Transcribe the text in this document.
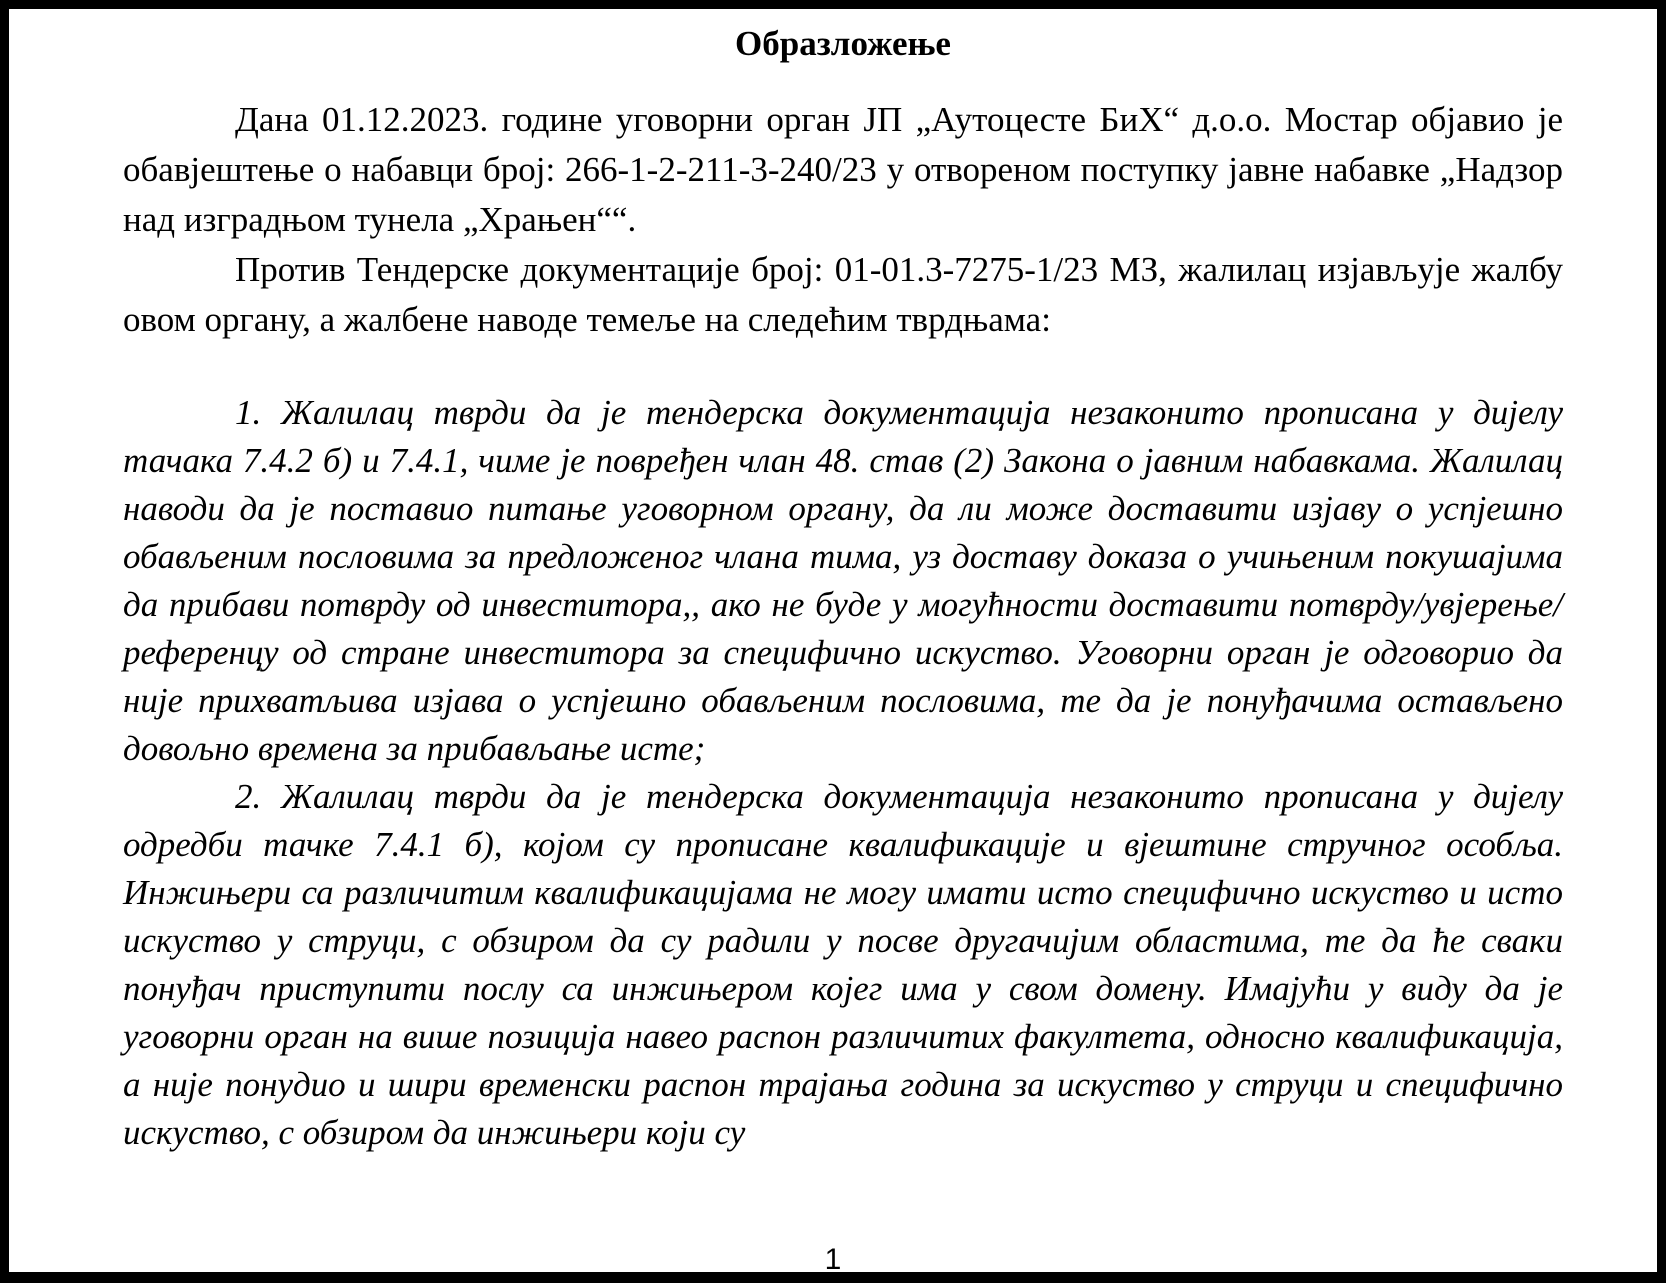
Образложење

Дана 01.12.2023. године уговорни орган ЈП „Аутоцесте БиХ“ д.о.о. Мостар објавио је обавјештење о набавци број: 266-1-2-211-3-240/23 у отвореном поступку јавне набавке „Надзор над изградњом тунела „Храњен““.

Против Тендерске документације број: 01-01.3-7275-1/23 МЗ, жалилац изјављује жалбу овом органу, а жалбене наводе темеље на следећим тврдњама:

1. Жалилац тврди да је тендерска документација незаконито прописана у дијелу тачака 7.4.2 б) и 7.4.1, чиме је повређен члан 48. став (2) Закона о јавним набавкама. Жалилац наводи да је поставио питање уговорном органу, да ли може доставити изјаву о успјешно обављеним пословима за предложеног члана тима, уз доставу доказа о учињеним покушајима да прибави потврду од инвеститора,, ако не буде у могућности доставити потврду/увјерење/референцу од стране инвеститора за специфично искуство. Уговорни орган је одговорио да није прихватљива изјава о успјешно обављеним пословима, те да је понуђачима остављено довољно времена за прибављање исте;

2. Жалилац тврди да је тендерска документација незаконито прописана у дијелу одредби тачке 7.4.1 б), којом су прописане квалификације и вјештине стручног особља. Инжињери са различитим квалификацијама не могу имати исто специфично искуство и исто искуство у струци, с обзиром да су радили у посве другачијим областима, те да ће сваки понуђач приступити послу са инжињером којег има у свом домену. Имајући у виду да је уговорни орган на више позиција навео распон различитих факултета, односно квалификација, а није понудио и шири временски распон трајања година за искуство у струци и специфично искуство, с обзиром да инжињери који су

1
